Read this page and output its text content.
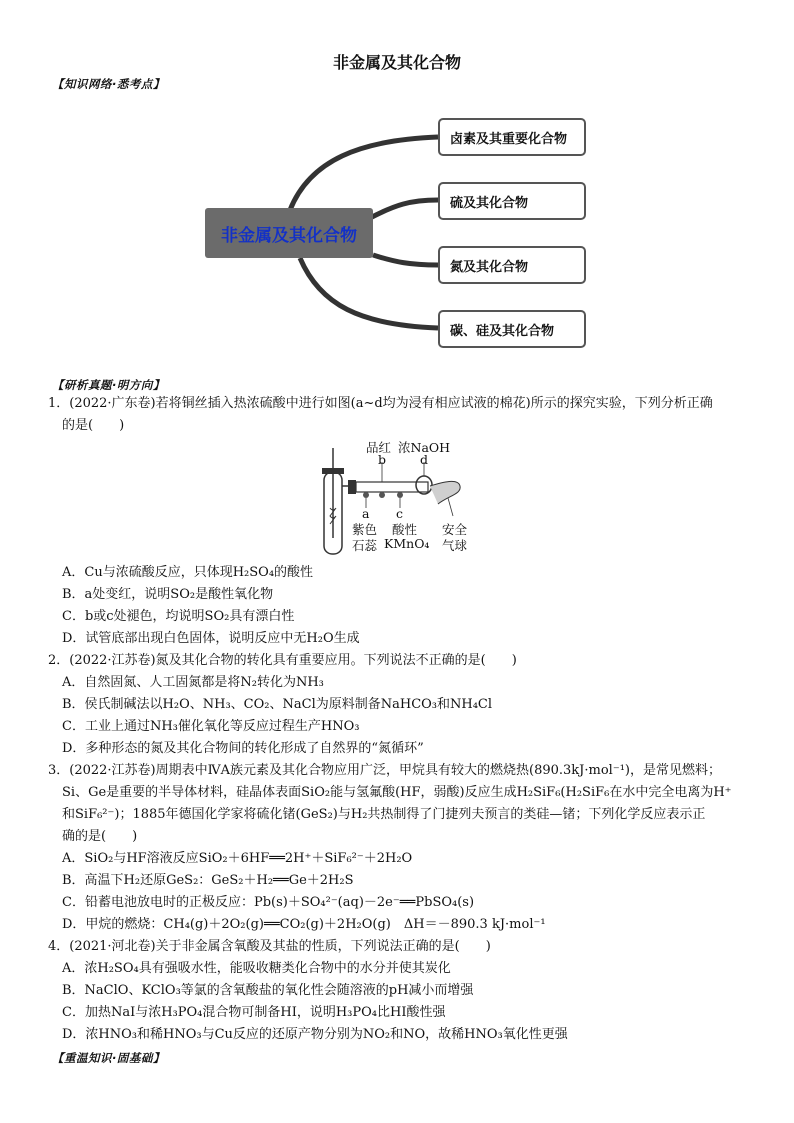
非金属及其化合物
【知识网络·悉考点】
非金属及其化合物
卤素及其重要化合物
硫及其化合物
氮及其化合物
碳、硅及其化合物
【研析真题·明方向】

1．(2022·广东卷)若将铜丝插入热浓硫酸中进行如图(a~d均为浸有相应试液的棉花)所示的探究实验，下列分析正确

的是(　　)

品红 浓NaOH
b	d
a c
紫色
石蕊
酸性
KMnO₄
安全
气球

A．Cu与浓硫酸反应，只体现H₂SO₄的酸性

B．a处变红，说明SO₂是酸性氧化物

C．b或c处褪色，均说明SO₂具有漂白性

D．试管底部出现白色固体，说明反应中无H₂O生成

2．(2022·江苏卷)氮及其化合物的转化具有重要应用。下列说法不正确的是(　　)

A．自然固氮、人工固氮都是将N₂转化为NH₃

B．侯氏制碱法以H₂O、NH₃、CO₂、NaCl为原料制备NaHCO₃和NH₄Cl

C．工业上通过NH₃催化氧化等反应过程生产HNO₃

D．多种形态的氮及其化合物间的转化形成了自然界的“氮循环”

3．(2022·江苏卷)周期表中ⅣA族元素及其化合物应用广泛，甲烷具有较大的燃烧热(890.3kJ·mol⁻¹)，是常见燃料；

Si、Ge是重要的半导体材料，硅晶体表面SiO₂能与氢氟酸(HF，弱酸)反应生成H₂SiF₆(H₂SiF₆在水中完全电离为H⁺

和SiF₆²⁻)；1885年德国化学家将硫化锗(GeS₂)与H₂共热制得了门捷列夫预言的类硅—锗；下列化学反应表示正

确的是(　　)

A．SiO₂与HF溶液反应SiO₂＋6HF══2H⁺＋SiF₆²⁻＋2H₂O

B．高温下H₂还原GeS₂：GeS₂＋H₂══Ge＋2H₂S

C．铅蓄电池放电时的正极反应：Pb(s)＋SO₄²⁻(aq)－2e⁻══PbSO₄(s)

D．甲烷的燃烧：CH₄(g)＋2O₂(g)══CO₂(g)＋2H₂O(g)　ΔH＝－890.3 kJ·mol⁻¹

4．(2021·河北卷)关于非金属含氧酸及其盐的性质，下列说法正确的是(　　)

A．浓H₂SO₄具有强吸水性，能吸收糖类化合物中的水分并使其炭化

B．NaClO、KClO₃等氯的含氧酸盐的氧化性会随溶液的pH减小而增强

C．加热NaI与浓H₃PO₄混合物可制备HI，说明H₃PO₄比HI酸性强

D．浓HNO₃和稀HNO₃与Cu反应的还原产物分别为NO₂和NO，故稀HNO₃氧化性更强

【重温知识·固基础】
